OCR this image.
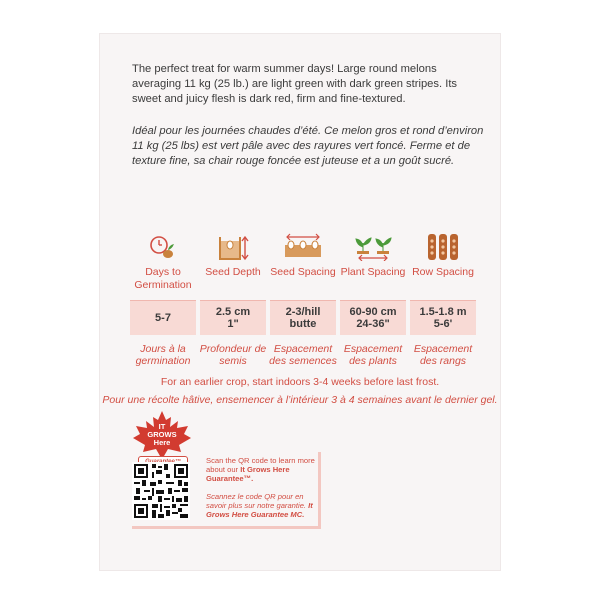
The perfect treat for warm summer days! Large round melons averaging 11 kg (25 lb.) are light green with dark green stripes. Its sweet and juicy flesh is dark red, firm and fine-textured.

Idéal pour les journées chaudes d’été. Ce melon gros et rond d’environ 11 kg (25 lbs) est vert pâle avec des rayures vert foncé. Ferme et de texture fine, sa chair rouge foncée est juteuse et a un goût sucré.

Days to Germination
5-7
Jours à la germination
Seed Depth
2.5 cm
1"
Profondeur de semis
Seed Spacing
2-3/hill
butte
Espacement des semences
Plant Spacing
60-90 cm
24-36"
Espacement des plants
Row Spacing
1.5-1.8 m
5-6'
Espacement des rangs

For an earlier crop, start indoors 3-4 weeks before last frost.

Pour une récolte hâtive, ensemencer à l’intérieur 3 à 4 semaines avant le dernier gel.

IT
GROWS
Here

Scan the QR code to learn more about our It Grows Here Guarantee™.

Scannez le code QR pour en savoir plus sur notre garantie. It Grows Here Guarantee MC.
